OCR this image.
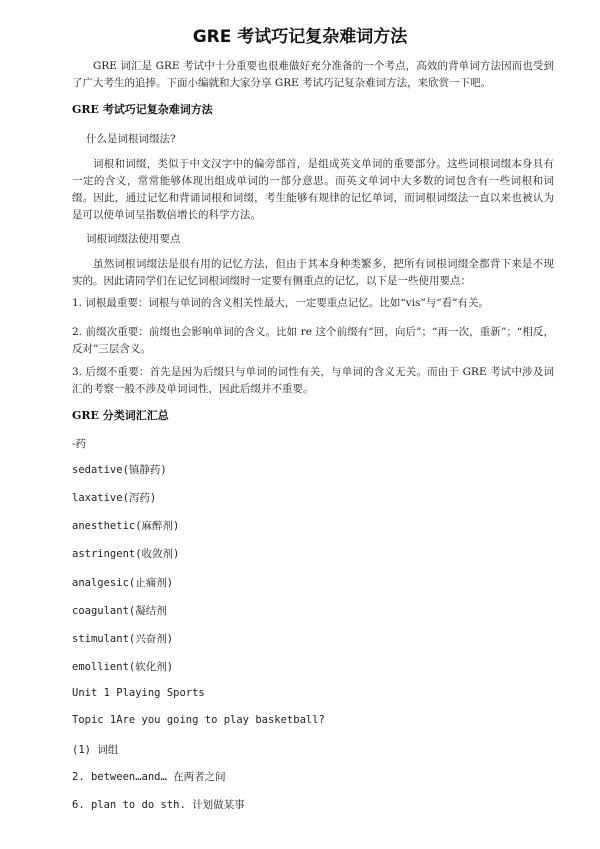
GRE 考试巧记复杂难词方法

GRE 词汇是 GRE 考试中十分重要也很难做好充分准备的一个考点，高效的背单词方法因而也受到了广大考生的追捧。下面小编就和大家分享 GRE 考试巧记复杂难词方法，来欣赏一下吧。

GRE 考试巧记复杂难词方法
什么是词根词缀法?

词根和词缀，类似于中文汉字中的偏旁部首，是组成英文单词的重要部分。这些词根词缀本身具有一定的含义，常常能够体现出组成单词的一部分意思。而英文单词中大多数的词包含有一些词根和词缀。因此，通过记忆和背诵词根和词缀，考生能够有规律的记忆单词，而词根词缀法一直以来也被认为是可以使单词呈指数倍增长的科学方法。

词根词缀法使用要点

虽然词根词缀法是很有用的记忆方法，但由于其本身种类繁多，把所有词根词缀全都背下来是不现实的。因此请同学们在记忆词根词缀时一定要有侧重点的记忆，以下是一些使用要点：

1. 词根最重要：词根与单词的含义相关性最大，一定要重点记忆。比如“vis”与“看”有关。

2. 前缀次重要：前缀也会影响单词的含义。比如 re 这个前缀有“回，向后”；“再一次，重新”；“相反，反对”三层含义。

3. 后缀不重要：首先是因为后缀只与单词的词性有关，与单词的含义无关。而由于 GRE 考试中涉及词汇的考察一般不涉及单词词性，因此后缀并不重要。

GRE 分类词汇汇总
-药
sedative(镇静药)
laxative(泻药)
anesthetic(麻醉剂)
astringent(收敛剂)
analgesic(止痛剂)
coagulant(凝结剂
stimulant(兴奋剂)
emollient(软化剂)
Unit 1 Playing Sports
Topic 1Are you going to play basketball?
(1) 词组
2. between…and… 在两者之间
6. plan to do sth. 计划做某事
